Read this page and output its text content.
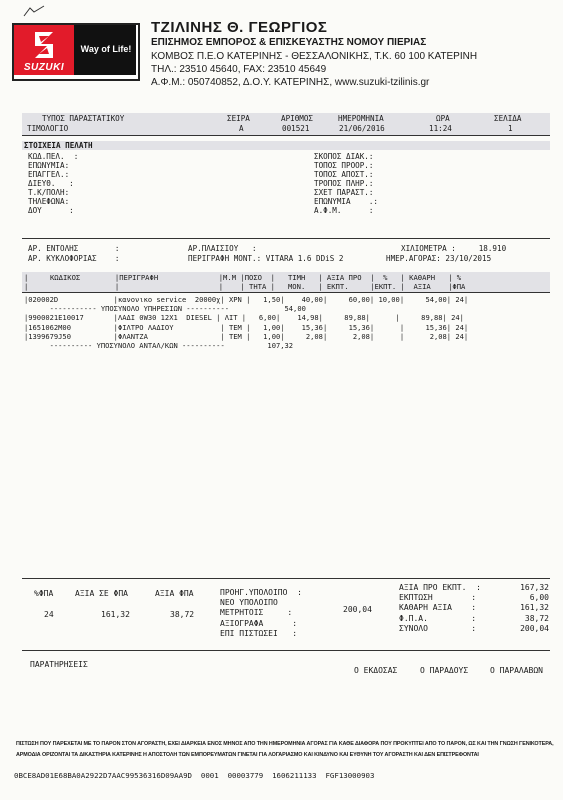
SUZUKI
Way of Life!
ΤΖΙΛΙΝΗΣ Θ. ΓΕΩΡΓΙΟΣ
ΕΠΙΣΗΜΟΣ ΕΜΠΟΡΟΣ & ΕΠΙΣΚΕΥΑΣΤΗΣ ΝΟΜΟΥ ΠΙΕΡΙΑΣ
ΚΟΜΒΟΣ Π.Ε.Ο ΚΑΤΕΡΙΝΗΣ - ΘΕΣΣΑΛΟΝΙΚΗΣ, Τ.Κ. 60 100 ΚΑΤΕΡΙΝΗ
ΤΗΛ.: 23510 45640, FAX: 23510 45649
Α.Φ.Μ.: 050740852, Δ.Ο.Υ. ΚΑΤΕΡΙΝΗΣ, www.suzuki-tzilinis.gr
ΤΥΠΟΣ ΠΑΡΑΣΤΑΤΙΚΟΥ	ΣΕΙΡΑ	ΑΡΙΘΜΟΣ	ΗΜΕΡΟΜΗΝΙΑ	ΩΡΑ	ΣΕΛΙΔΑ
ΤΙΜΟΛΟΓΙΟ	Α	001521	21/06/2016	11:24	1
ΣΤΟΙΧΕΙΑ ΠΕΛΑΤΗ
ΚΩΔ.ΠΕΛ.  :
ΕΠΩΝΥΜΙΑ:
ΕΠΑΓΓΕΛ.:
ΔΙΕΥΘ.   :
Τ.Κ/ΠΟΛΗ:
ΤΗΛΕΦΩΝΑ:
ΔΟΥ      :
ΣΚΟΠΟΣ ΔΙΑΚ.:
ΤΟΠΟΣ ΠΡΟΟΡ.:
ΤΟΠΟΣ ΑΠΟΣΤ.:
ΤΡΟΠΟΣ ΠΛΗΡ.:
ΣΧΕΤ ΠΑΡΑΣΤ.:
ΕΠΩΝΥΜΙΑ    .:
Α.Φ.Μ.      :
ΑΡ. ΕΝΤΟΛΗΣ        :	ΑΡ.ΠΛΑΙΣΙΟΥ   :	ΧΙΛΙΟΜΕΤΡΑ :     18.910
ΑΡ. ΚΥΚΛΟΦΟΡΙΑΣ    :	ΠΕΡΙΓΡΑΦΗ ΜΟΝΤ.: VITARA 1.6 DDiS 2	ΗΜΕΡ.ΑΓΟΡΑΣ: 23/10/2015
|     ΚΩΔΙΚΟΣ        |ΠΕΡΙΓΡΑΦΗ              |Μ.Μ |ΠΟΣΟ  |   ΤΙΜΗ   | ΑΞΙΑ ΠΡΟ  |  %   | ΚΑΘΑΡΗ   | %
|                    |                       |    | ΤΗΤΑ |   ΜΟΝ.   | ΕΚΠΤ.     |ΕΚΠΤ. |  ΑΞΙΑ    |ΦΠΑ
|020002D             |κανονικο service  20000χ| ΧΡΝ |   1,50|    40,00|     60,00| 10,00|     54,00| 24|
----------- ΥΠΟΣΥΝΟΛΟ ΥΠΗΡΕΣΙΩΝ ----------             54,00
|9900021E10017       |ΛΑΔΙ 0W30 12X1  DIESEL | ΛΙΤ |   6,00|    14,98|     89,88|      |     89,88| 24|
|1651062M00          |ΦΙΛΤΡΟ ΛΑΔΙΟΥ           | ΤΕΜ |   1,00|    15,36|     15,36|      |     15,36| 24|
|1399679J50          |ΦΛΑΝΤΖΑ                 | ΤΕΜ |   1,00|     2,08|      2,08|      |      2,08| 24|
---------- ΥΠΟΣΥΝΟΛΟ ΑΝΤΑΛ/ΚΩΝ ----------          107,32
%ΦΠΑ	ΑΞΙΑ ΣΕ ΦΠΑ	ΑΞΙΑ ΦΠΑ
24	161,32	38,72
ΠΡΟΗΓ.ΥΠΟΛΟΙΠΟ  :
ΝΕΟ ΥΠΟΛΟΙΠΟ
ΜΕΤΡΗΤΟΙΣ     :
ΑΞΙΟΓΡΑΦΑ      :
ΕΠΙ ΠΙΣΤΩΣΕΙ   :
200,04
ΑΞΙΑ ΠΡΟ ΕΚΠΤ.  :	167,32
ΕΚΠΤΩΣΗ        :	6,00
ΚΑΘΑΡΗ ΑΞΙΑ    :	161,32
Φ.Π.Α.         :	38,72
ΣΥΝΟΛΟ         :	200,04
ΠΑΡΑΤΗΡΗΣΕΙΣ
Ο ΕΚΔΟΣΑΣ	Ο ΠΑΡΑΔΟΥΣ	Ο ΠΑΡΑΛΑΒΩΝ
ΠΙΣΤΩΣΗ ΠΟΥ ΠΑΡΕΧΕΤΑΙ ΜΕ ΤΟ ΠΑΡΟΝ ΣΤΟΝ ΑΓΟΡΑΣΤΗ, ΕΧΕΙ ΔΙΑΡΚΕΙΑ ΕΝΟΣ ΜΗΝΟΣ ΑΠΟ ΤΗΝ ΗΜΕΡΟΜΗΝΙΑ ΑΓΟΡΑΣ ΓΙΑ ΚΑΘΕ ΔΙΑΦΟΡΑ ΠΟΥ ΠΡΟΚΥΠΤΕΙ ΑΠΟ ΤΟ ΠΑΡΟΝ, ΩΣ ΚΑΙ ΤΗΝ ΓΝΩΣΗ ΓΕΝΙΚΟΤΕΡΑ,
ΑΡΜΟΔΙΑ ΟΡΙΖΟΝΤΑΙ ΤΑ ΔΙΚΑΣΤΗΡΙΑ ΚΑΤΕΡΙΝΗΣ Η ΑΠΟΣΤΟΛΗ ΤΩΝ ΕΜΠΟΡΕΥΜΑΤΩΝ ΓΙΝΕΤΑΙ ΓΙΑ ΛΟΓΑΡΙΑΣΜΟ ΚΑΙ ΚΙΝΔΥΝΟ ΚΑΙ ΕΥΘΥΝΗ ΤΟΥ ΑΓΟΡΑΣΤΗ ΚΑΙ ΔΕΝ ΕΠΙΣΤΡΕΦΟΝΤΑΙ
0BCE8AD01E68BA0A2922D7AAC99536316D09AA9D  0001  00003779  1606211133  FGF13000903
